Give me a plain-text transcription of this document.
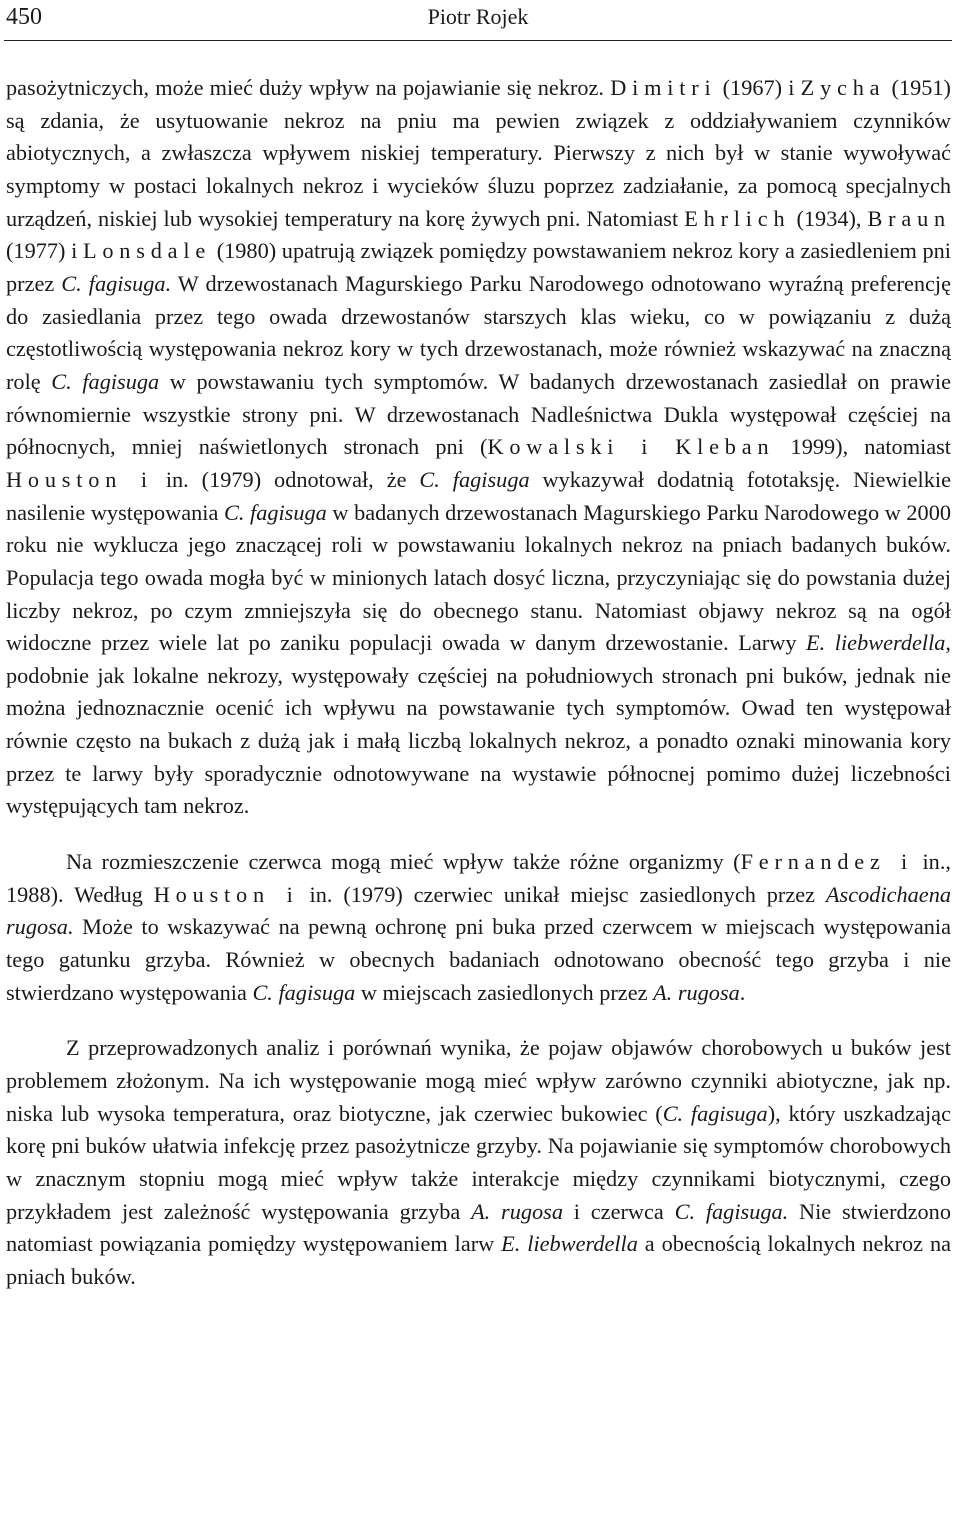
450	Piotr Rojek

pasożytniczych, może mieć duży wpływ na pojawianie się nekroz. Dimitri (1967) i Zycha (1951) są zdania, że usytuowanie nekroz na pniu ma pewien związek z oddziaływaniem czynników abiotycznych, a zwłaszcza wpływem niskiej temperatury. Pierwszy z nich był w stanie wywoływać symptomy w postaci lokalnych nekroz i wycieków śluzu poprzez zadziałanie, za pomocą specjalnych urządzeń, niskiej lub wysokiej temperatury na korę żywych pni. Natomiast Ehrlich (1934), Braun (1977) i Lonsdale (1980) upatrują związek pomiędzy powstawaniem nekroz kory a zasiedleniem pni przez C. fagisuga. W drzewostanach Magurskiego Parku Narodowego odnotowano wyraźną preferencję do zasiedlania przez tego owada drzewostanów starszych klas wieku, co w powiązaniu z dużą częstotliwością występowania nekroz kory w tych drzewostanach, może również wskazywać na znaczną rolę C. fagisuga w powstawaniu tych symptomów. W badanych drzewostanach zasiedlał on prawie równomiernie wszystkie strony pni. W drzewostanach Nadleśnictwa Dukla występował częściej na północnych, mniej naświetlonych stronach pni (Kowalski i Kleban 1999), natomiast Houston i in. (1979) odnotował, że C. fagisuga wykazywał dodatnią fototaksję. Niewielkie nasilenie występowania C. fagisuga w badanych drzewostanach Magurskiego Parku Narodowego w 2000 roku nie wyklucza jego znaczącej roli w powstawaniu lokalnych nekroz na pniach badanych buków. Populacja tego owada mogła być w minionych latach dosyć liczna, przyczyniając się do powstania dużej liczby nekroz, po czym zmniejszyła się do obecnego stanu. Natomiast objawy nekroz są na ogół widoczne przez wiele lat po zaniku populacji owada w danym drzewostanie. Larwy E. liebwerdella, podobnie jak lokalne nekrozy, występowały częściej na południowych stronach pni buków, jednak nie można jednoznacznie ocenić ich wpływu na powstawanie tych symptomów. Owad ten występował równie często na bukach z dużą jak i małą liczbą lokalnych nekroz, a ponadto oznaki minowania kory przez te larwy były sporadycznie odnotowywane na wystawie północnej pomimo dużej liczebności występujących tam nekroz.

Na rozmieszczenie czerwca mogą mieć wpływ także różne organizmy (Fernandez i in., 1988). Według Houston i in. (1979) czerwiec unikał miejsc zasiedlonych przez Ascodichaena rugosa. Może to wskazywać na pewną ochronę pni buka przed czerwcem w miejscach występowania tego gatunku grzyba. Również w obecnych badaniach odnotowano obecność tego grzyba i nie stwierdzano występowania C. fagisuga w miejscach zasiedlonych przez A. rugosa.

Z przeprowadzonych analiz i porównań wynika, że pojaw objawów chorobowych u buków jest problemem złożonym. Na ich występowanie mogą mieć wpływ zarówno czynniki abiotyczne, jak np. niska lub wysoka temperatura, oraz biotyczne, jak czerwiec bukowiec (C. fagisuga), który uszkadzając korę pni buków ułatwia infekcję przez pasożytnicze grzyby. Na pojawianie się symptomów chorobowych w znacznym stopniu mogą mieć wpływ także interakcje między czynnikami biotycznymi, czego przykładem jest zależność występowania grzyba A. rugosa i czerwca C. fagisuga. Nie stwierdzono natomiast powiązania pomiędzy występowaniem larw E. liebwerdella a obecnością lokalnych nekroz na pniach buków.
